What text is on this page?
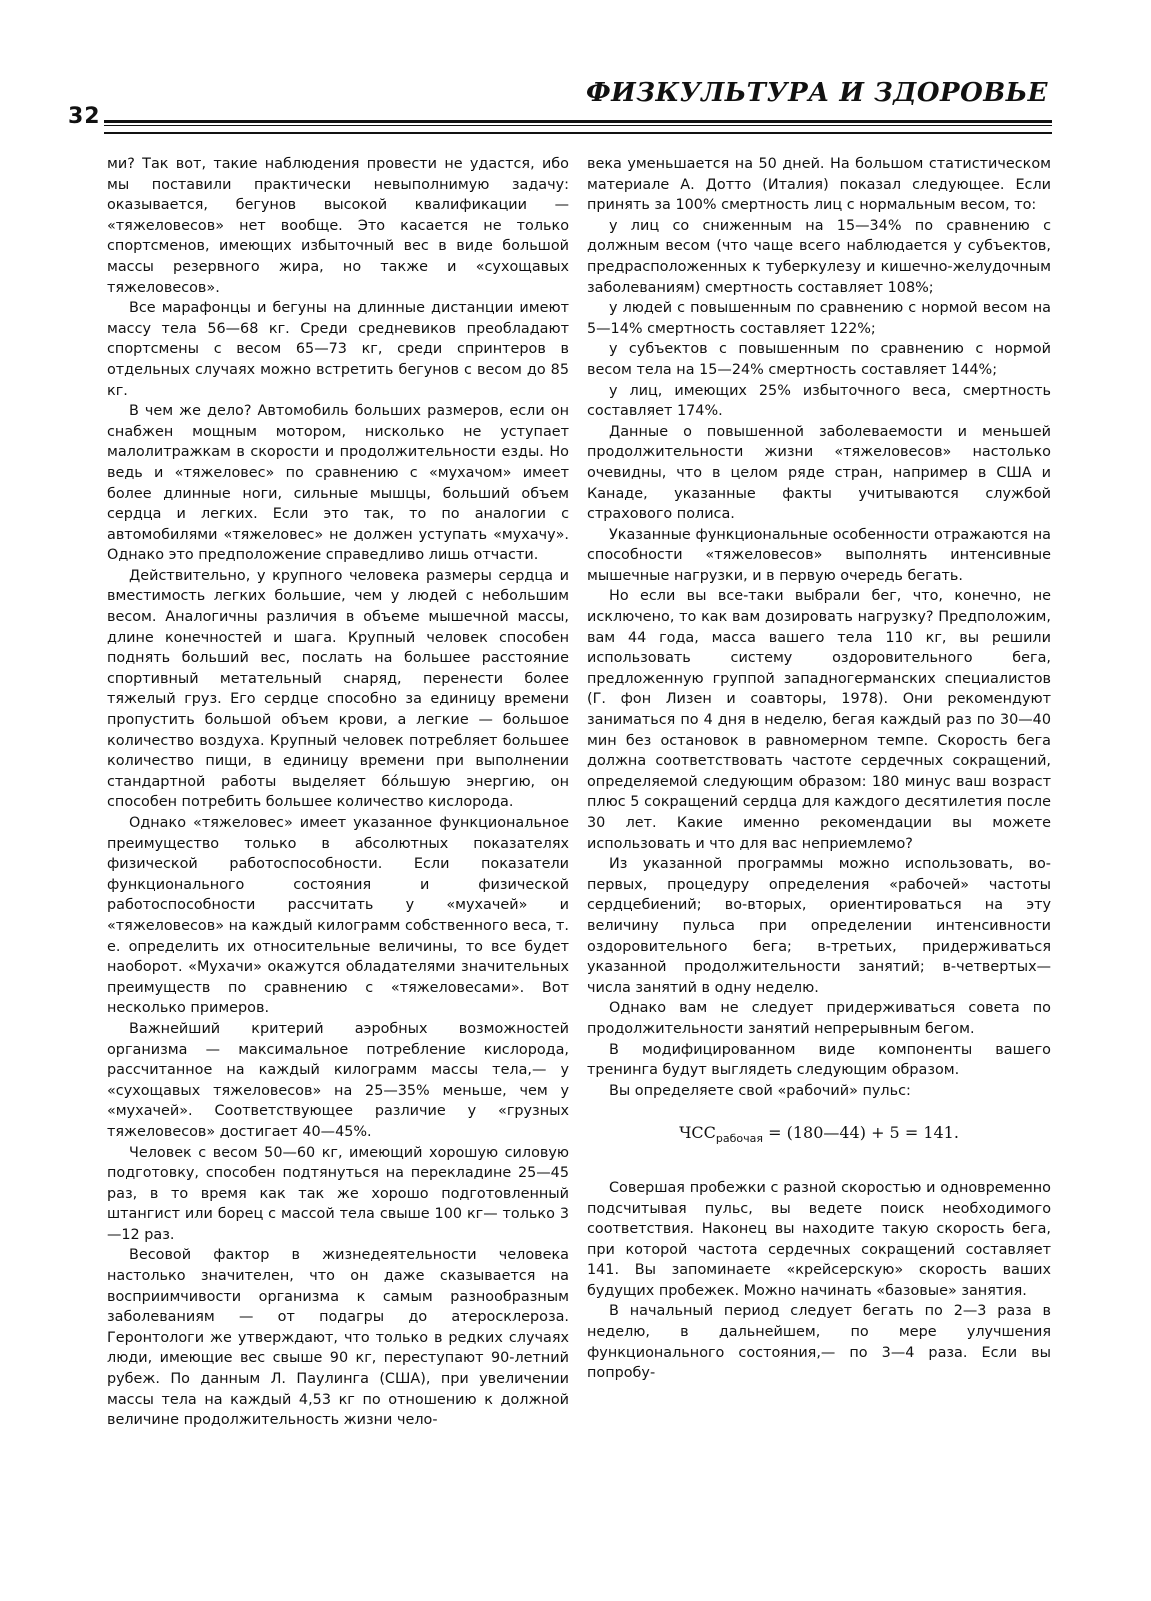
32
ФИЗКУЛЬТУРА И ЗДОРОВЬЕ

ми? Так вот, такие наблюдения провести не удастся, ибо мы поставили практически невыполнимую задачу: оказывается, бегунов высокой квалификации — «тяжеловесов» нет вообще. Это касается не только спортсменов, имеющих избыточный вес в виде большой массы резервного жира, но также и «сухощавых тяжеловесов».

Все марафонцы и бегуны на длинные дистанции имеют массу тела 56—68 кг. Среди средневиков преобладают спортсмены с весом 65—73 кг, среди спринтеров в отдельных случаях можно встретить бегунов с весом до 85 кг.

В чем же дело? Автомобиль больших размеров, если он снабжен мощным мотором, нисколько не уступает малолитражкам в скорости и продолжительности езды. Но ведь и «тяжеловес» по сравнению с «мухачом» имеет более длинные ноги, сильные мышцы, больший объем сердца и легких. Если это так, то по аналогии с автомобилями «тяжеловес» не должен уступать «мухачу». Однако это предположение справедливо лишь отчасти.

Действительно, у крупного человека размеры сердца и вместимость легких большие, чем у людей с небольшим весом. Аналогичны различия в объеме мышечной массы, длине конечностей и шага. Крупный человек способен поднять больший вес, послать на большее расстояние спортивный метательный снаряд, перенести более тяжелый груз. Его сердце способно за единицу времени пропустить большой объем крови, а легкие — большое количество воздуха. Крупный человек потребляет большее количество пищи, в единицу времени при выполнении стандартной работы выделяет бо́льшую энергию, он способен потребить большее количество кислорода.

Однако «тяжеловес» имеет указанное функциональное преимущество только в абсолютных показателях физической работоспособности. Если показатели функционального состояния и физической работоспособности рассчитать у «мухачей» и «тяжеловесов» на каждый килограмм собственного веса, т. е. определить их относительные величины, то все будет наоборот. «Мухачи» окажутся обладателями значительных преимуществ по сравнению с «тяжеловесами». Вот несколько примеров.

Важнейший критерий аэробных возможностей организма — максимальное потребление кислорода, рассчитанное на каждый килограмм массы тела,— у «сухощавых тяжеловесов» на 25—35% меньше, чем у «мухачей». Соответствующее различие у «грузных тяжеловесов» достигает 40—45%.

Человек с весом 50—60 кг, имеющий хорошую силовую подготовку, способен подтянуться на перекладине 25—45 раз, в то время как так же хорошо подготовленный штангист или борец с массой тела свыше 100 кг— только 3—12 раз.

Весовой фактор в жизнедеятельности человека настолько значителен, что он даже сказывается на восприимчивости организма к самым разнообразным заболеваниям — от подагры до атеросклероза. Геронтологи же утверждают, что только в редких случаях люди, имеющие вес свыше 90 кг, переступают 90-летний рубеж. По данным Л. Паулинга (США), при увеличении массы тела на каждый 4,53 кг по отношению к должной величине продолжительность жизни чело-

века уменьшается на 50 дней. На большом статистическом материале А. Дотто (Италия) показал следующее. Если принять за 100% смертность лиц с нормальным весом, то:

у лиц со сниженным на 15—34% по сравнению с должным весом (что чаще всего наблюдается у субъектов, предрасположенных к туберкулезу и кишечно-желудочным заболеваниям) смертность составляет 108%;

у людей с повышенным по сравнению с нормой весом на 5—14% смертность составляет 122%;

у субъектов с повышенным по сравнению с нормой весом тела на 15—24% смертность составляет 144%;

у лиц, имеющих 25% избыточного веса, смертность составляет 174%.

Данные о повышенной заболеваемости и меньшей продолжительности жизни «тяжеловесов» настолько очевидны, что в целом ряде стран, например в США и Канаде, указанные факты учитываются службой страхового полиса.

Указанные функциональные особенности отражаются на способности «тяжеловесов» выполнять интенсивные мышечные нагрузки, и в первую очередь бегать.

Но если вы все-таки выбрали бег, что, конечно, не исключено, то как вам дозировать нагрузку? Предположим, вам 44 года, масса вашего тела 110 кг, вы решили использовать систему оздоровительного бега, предложенную группой западногерманских специалистов (Г. фон Лизен и соавторы, 1978). Они рекомендуют заниматься по 4 дня в неделю, бегая каждый раз по 30—40 мин без остановок в равномерном темпе. Скорость бега должна соответствовать частоте сердечных сокращений, определяемой следующим образом: 180 минус ваш возраст плюс 5 сокращений сердца для каждого десятилетия после 30 лет. Какие именно рекомендации вы можете использовать и что для вас неприемлемо?

Из указанной программы можно использовать, во-первых, процедуру определения «рабочей» частоты сердцебиений; во-вторых, ориентироваться на эту величину пульса при определении интенсивности оздоровительного бега; в-третьих, придерживаться указанной продолжительности занятий; в-четвертых— числа занятий в одну неделю.

Однако вам не следует придерживаться совета по продолжительности занятий непрерывным бегом.

В модифицированном виде компоненты вашего тренинга будут выглядеть следующим образом.

Вы определяете свой «рабочий» пульс:

$ЧСС_{рабочая}$ = (180—44) + 5 = 141.

Совершая пробежки с разной скоростью и одновременно подсчитывая пульс, вы ведете поиск необходимого соответствия. Наконец вы находите такую скорость бега, при которой частота сердечных сокращений составляет 141. Вы запоминаете «крейсерскую» скорость ваших будущих пробежек. Можно начинать «базовые» занятия.

В начальный период следует бегать по 2—3 раза в неделю, в дальнейшем, по мере улучшения функционального состояния,— по 3—4 раза. Если вы попробу-
